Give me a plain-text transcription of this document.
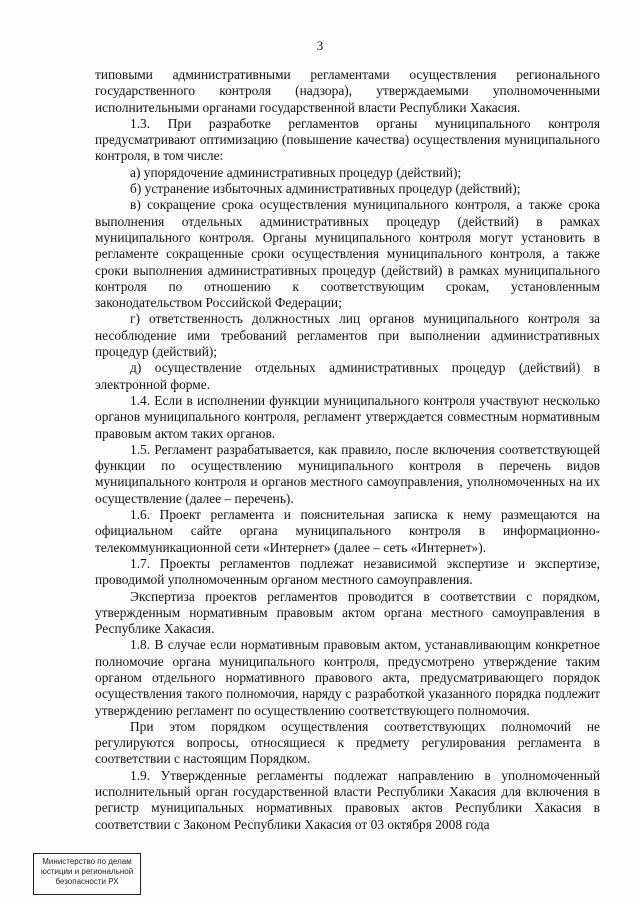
3

типовыми административными регламентами осуществления регионального государственного контроля (надзора), утверждаемыми уполномоченными исполнительными органами государственной власти Республики Хакасия.

1.3. При разработке регламентов органы муниципального контроля предусматривают оптимизацию (повышение качества) осуществления муниципального контроля, в том числе:

а) упорядочение административных процедур (действий);

б) устранение избыточных административных процедур (действий);

в) сокращение срока осуществления муниципального контроля, а также срока выполнения отдельных административных процедур (действий) в рамках муниципального контроля. Органы муниципального контроля могут установить в регламенте сокращенные сроки осуществления муниципального контроля, а также сроки выполнения административных процедур (действий) в рамках муниципального контроля по отношению к соответствующим срокам, установленным законодательством Российской Федерации;

г) ответственность должностных лиц органов муниципального контроля за несоблюдение ими требований регламентов при выполнении административных процедур (действий);

д) осуществление отдельных административных процедур (действий) в электронной форме.

1.4. Если в исполнении функции муниципального контроля участвуют несколько органов муниципального контроля, регламент утверждается совместным нормативным правовым актом таких органов.

1.5. Регламент разрабатывается, как правило, после включения соответствующей функции по осуществлению муниципального контроля в перечень видов муниципального контроля и органов местного самоуправления, уполномоченных на их осуществление (далее – перечень).

1.6. Проект регламента и пояснительная записка к нему размещаются на официальном сайте органа муниципального контроля в информационно-телекоммуникационной сети «Интернет» (далее – сеть «Интернет»).

1.7. Проекты регламентов подлежат независимой экспертизе и экспертизе, проводимой уполномоченным органом местного самоуправления.

Экспертиза проектов регламентов проводится в соответствии с порядком, утвержденным нормативным правовым актом органа местного самоуправления в Республике Хакасия.

1.8. В случае если нормативным правовым актом, устанавливающим конкретное полномочие органа муниципального контроля, предусмотрено утверждение таким органом отдельного нормативного правового акта, предусматривающего порядок осуществления такого полномочия, наряду с разработкой указанного порядка подлежит утверждению регламент по осуществлению соответствующего полномочия.

При этом порядком осуществления соответствующих полномочий не регулируются вопросы, относящиеся к предмету регулирования регламента в соответствии с настоящим Порядком.

1.9. Утвержденные регламенты подлежат направлению в уполномоченный исполнительный орган государственной власти Республики Хакасия для включения в регистр муниципальных нормативных правовых актов Республики Хакасия в соответствии с Законом Республики Хакасия от 03 октября 2008 года

Министерство по делам
юстиции и региональной
безопасности РХ
